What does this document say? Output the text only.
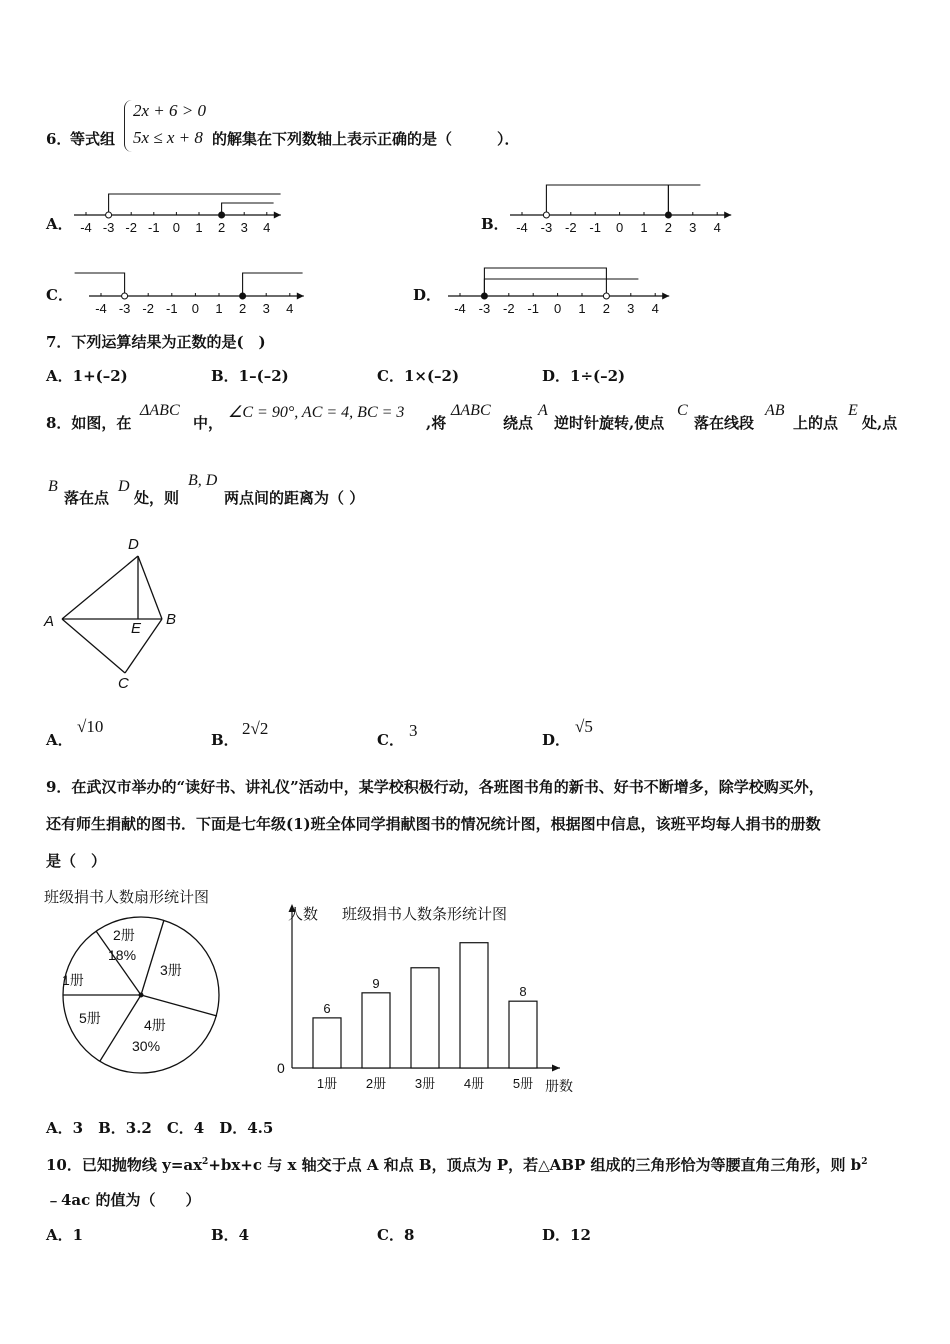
6．
等式组
2x + 6 > 0
5x ≤ x + 8 的解集在下列数轴上表示正确的是（　　　）．
A．	B．
C．	D．
-4 -3 -2 -1 0 1 2 3 4	-4 -3 -2 -1 0 1 2 3 4
-4 -3 -2 -1 0 1 2 3 4	-4 -3 -2 -1 0 1 2 3 4
7．下列运算结果为正数的是(　)
A．1+(–2)	B．1–(–2)	C．1×(–2)	D．1÷(–2)
8．如图，在
ΔABC
中，
∠C = 90°, AC = 4, BC = 3
,将
ΔABC
绕点
A
逆时针旋转,使点
C
落在线段
AB
上的点
E
处,点
B
落在点
D
处，则
B, D
两点间的距离为（ ）
A	B
C
D
E
A．
√10
B．
2√2
C． 3	D．
√5
9．在武汉市举办的“读好书、讲礼仪”活动中，某学校积极行动，各班图书角的新书、好书不断增多，除学校购买外，
还有师生捐献的图书．下面是七年级(1)班全体同学捐献图书的情况统计图，根据图中信息，该班平均每人捐书的册数
是（　）
班级捐书人数扇形统计图
1册
2册
18%
3册
4册
30%
5册
6
1册
9
2册 3册 4册
8
5册
人数 班级捐书人数条形统计图
0
册数
A．3　B．3.2　C．4　D．4.5
10．已知抛物线 $y=ax^2+bx+c$ 与 x 轴交于点 A 和点 B，顶点为 P，若△ABP 组成的三角形恰为等腰直角三角形，则 $b^2$
﹣4ac 的值为（　　）
A．1	B．4	C．8	D．12
